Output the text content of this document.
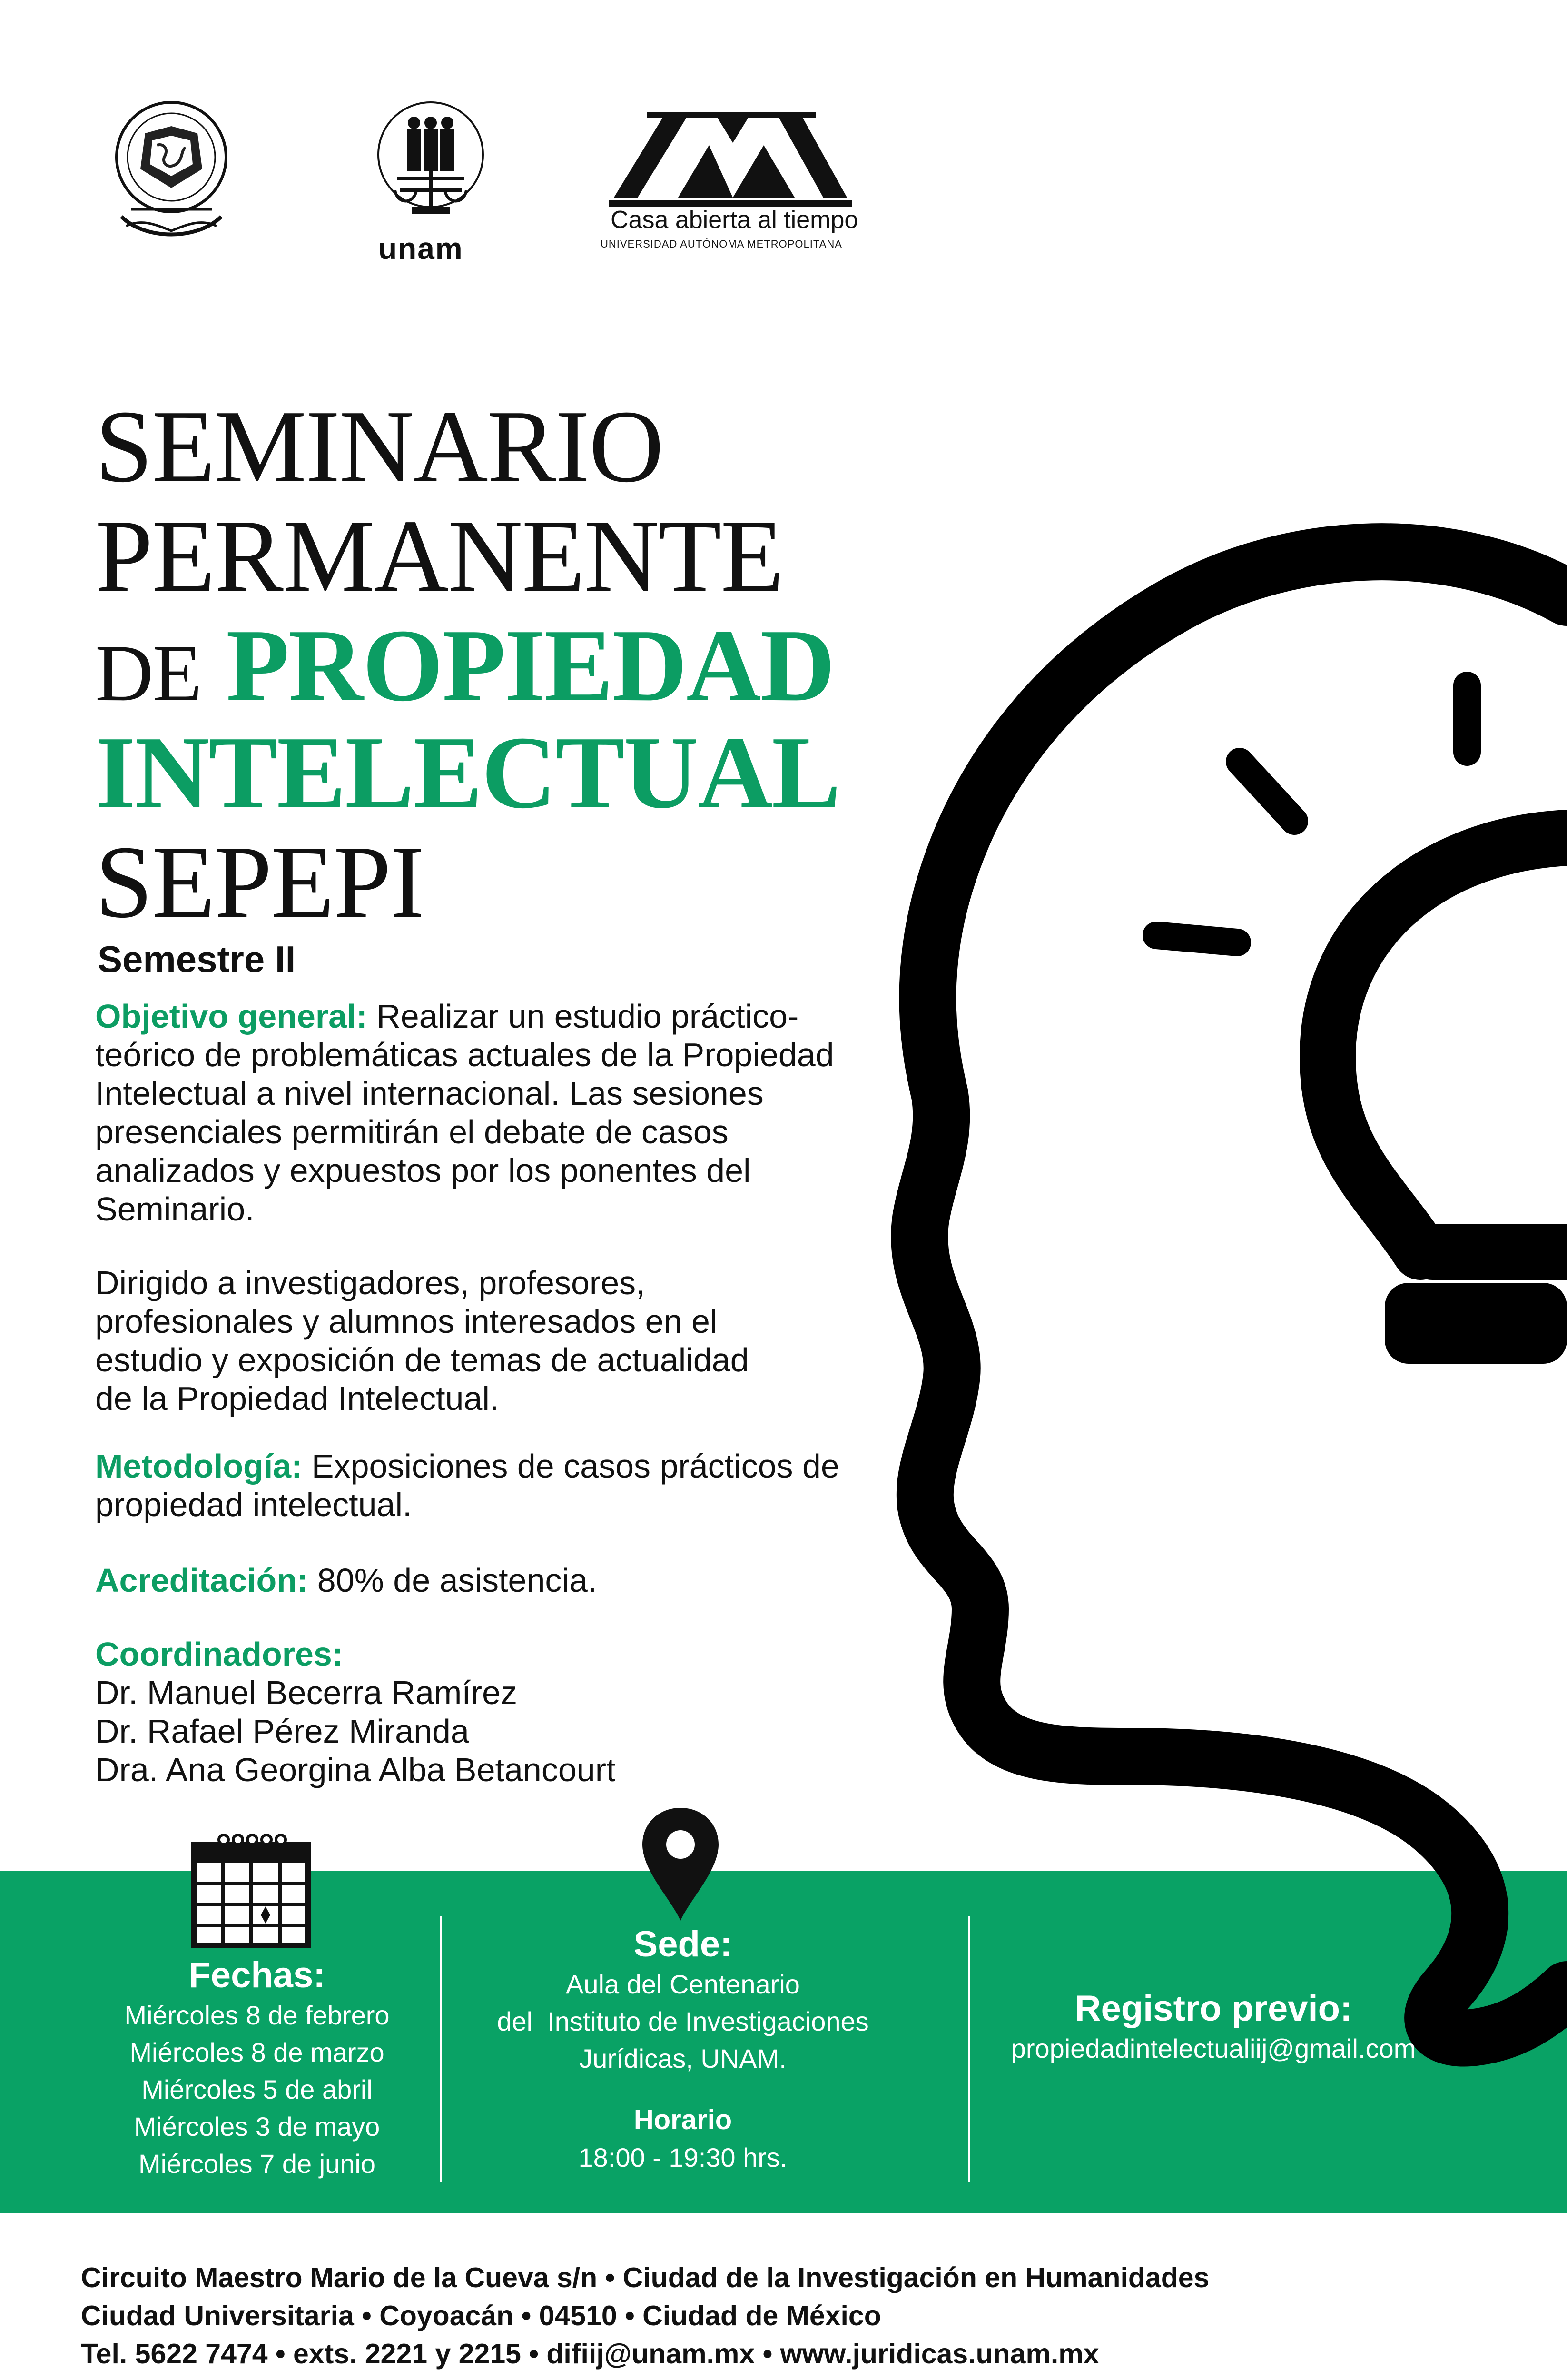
unam
Casa abierta al tiempo
UNIVERSIDAD AUTÓNOMA METROPOLITANA
SEMINARIO
PERMANENTE
DE PROPIEDAD
INTELECTUAL
SEPEPI
Semestre II
Objetivo general: Realizar un estudio práctico-teórico de problemáticas actuales de la Propiedad Intelectual a nivel internacional. Las sesiones presenciales permitirán el debate de casos analizados y expuestos por los ponentes del Seminario.
Dirigido a investigadores, profesores, profesionales y alumnos interesados en el estudio y exposición de temas de actualidad de la Propiedad Intelectual.
Metodología: Exposiciones de casos prácticos de propiedad intelectual.
Acreditación: 80% de asistencia.
Coordinadores:
Dr. Manuel Becerra Ramírez
Dr. Rafael Pérez Miranda
Dra. Ana Georgina Alba Betancourt
Fechas:
Miércoles 8 de febrero
Miércoles 8 de marzo
Miércoles 5 de abril
Miércoles 3 de mayo
Miércoles 7 de junio
Sede:
Aula del Centenario
del  Instituto de Investigaciones
Jurídicas, UNAM.
Horario
18:00 - 19:30 hrs.
Registro previo:
propiedadintelectualiij@gmail.com
Circuito Maestro Mario de la Cueva s/n • Ciudad de la Investigación en Humanidades
Ciudad Universitaria • Coyoacán • 04510 • Ciudad de México
Tel. 5622 7474 • exts. 2221 y 2215 • difiij@unam.mx • www.juridicas.unam.mx
